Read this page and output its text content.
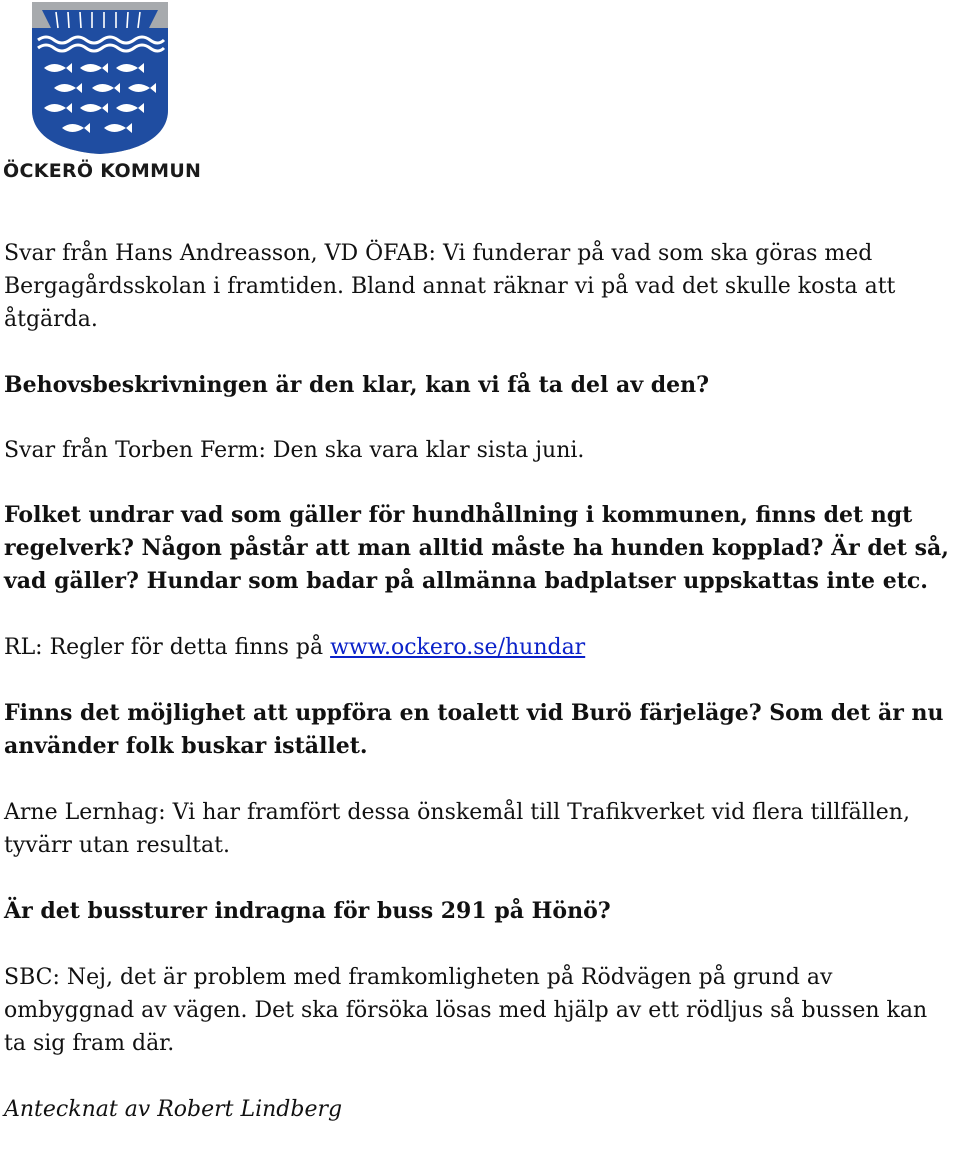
ÖCKERÖ KOMMUN

Svar från Hans Andreasson, VD ÖFAB: Vi funderar på vad som ska göras med Bergagårdsskolan i framtiden. Bland annat räknar vi på vad det skulle kosta att åtgärda.

Behovsbeskrivningen är den klar, kan vi få ta del av den?

Svar från Torben Ferm: Den ska vara klar sista juni.

Folket undrar vad som gäller för hundhållning i kommunen, finns det ngt regelverk? Någon påstår att man alltid måste ha hunden kopplad? Är det så, vad gäller? Hundar som badar på allmänna badplatser uppskattas inte etc.

RL: Regler för detta finns på www.ockero.se/hundar

Finns det möjlighet att uppföra en toalett vid Burö färjeläge? Som det är nu använder folk buskar istället.

Arne Lernhag: Vi har framfört dessa önskemål till Trafikverket vid flera tillfällen, tyvärr utan resultat.

Är det bussturer indragna för buss 291 på Hönö?

SBC: Nej, det är problem med framkomligheten på Rödvägen på grund av ombyggnad av vägen. Det ska försöka lösas med hjälp av ett rödljus så bussen kan ta sig fram där.

Antecknat av Robert Lindberg
